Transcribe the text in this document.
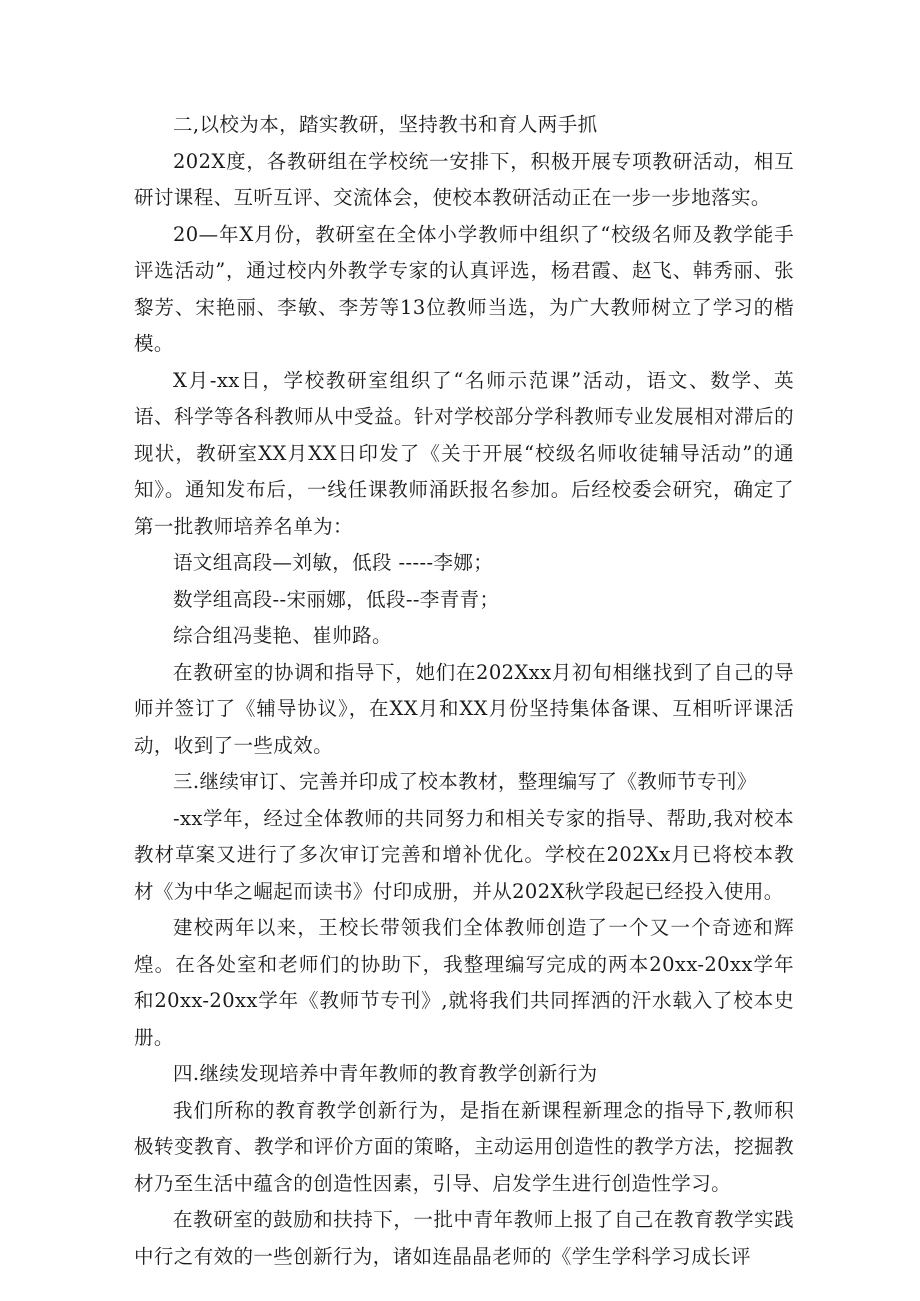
二,以校为本，踏实教研，坚持教书和育人两手抓

202X度，各教研组在学校统一安排下，积极开展专项教研活动，相互研讨课程、互听互评、交流体会，使校本教研活动正在一步一步地落实。

20—年X月份，教研室在全体小学教师中组织了“校级名师及教学能手评选活动”，通过校内外教学专家的认真评选，杨君霞、赵飞、韩秀丽、张黎芳、宋艳丽、李敏、李芳等13位教师当选，为广大教师树立了学习的楷模。

X月-xx日，学校教研室组织了“名师示范课”活动，语文、数学、英语、科学等各科教师从中受益。针对学校部分学科教师专业发展相对滞后的现状，教研室XX月XX日印发了《关于开展“校级名师收徒辅导活动”的通知》。通知发布后，一线任课教师涌跃报名参加。后经校委会研究，确定了第一批教师培养名单为：

语文组高段—刘敏，低段 -----李娜；

数学组高段--宋丽娜，低段--李青青；

综合组冯斐艳、崔帅路。

在教研室的协调和指导下，她们在202Xxx月初旬相继找到了自己的导师并签订了《辅导协议》，在XX月和XX月份坚持集体备课、互相听评课活动，收到了一些成效。

三.继续审订、完善并印成了校本教材，整理编写了《教师节专刊》

-xx学年，经过全体教师的共同努力和相关专家的指导、帮助,我对校本教材草案又进行了多次审订完善和增补优化。学校在202Xx月已将校本教材《为中华之崛起而读书》付印成册，并从202X秋学段起已经投入使用。

建校两年以来，王校长带领我们全体教师创造了一个又一个奇迹和辉煌。在各处室和老师们的协助下，我整理编写完成的两本20xx-20xx学年和20xx-20xx学年《教师节专刊》,就将我们共同挥洒的汗水载入了校本史册。

四.继续发现培养中青年教师的教育教学创新行为

我们所称的教育教学创新行为，是指在新课程新理念的指导下,教师积极转变教育、教学和评价方面的策略，主动运用创造性的教学方法，挖掘教材乃至生活中蕴含的创造性因素，引导、启发学生进行创造性学习。

在教研室的鼓励和扶持下，一批中青年教师上报了自己在教育教学实践中行之有效的一些创新行为，诸如连晶晶老师的《学生学科学习成长评
